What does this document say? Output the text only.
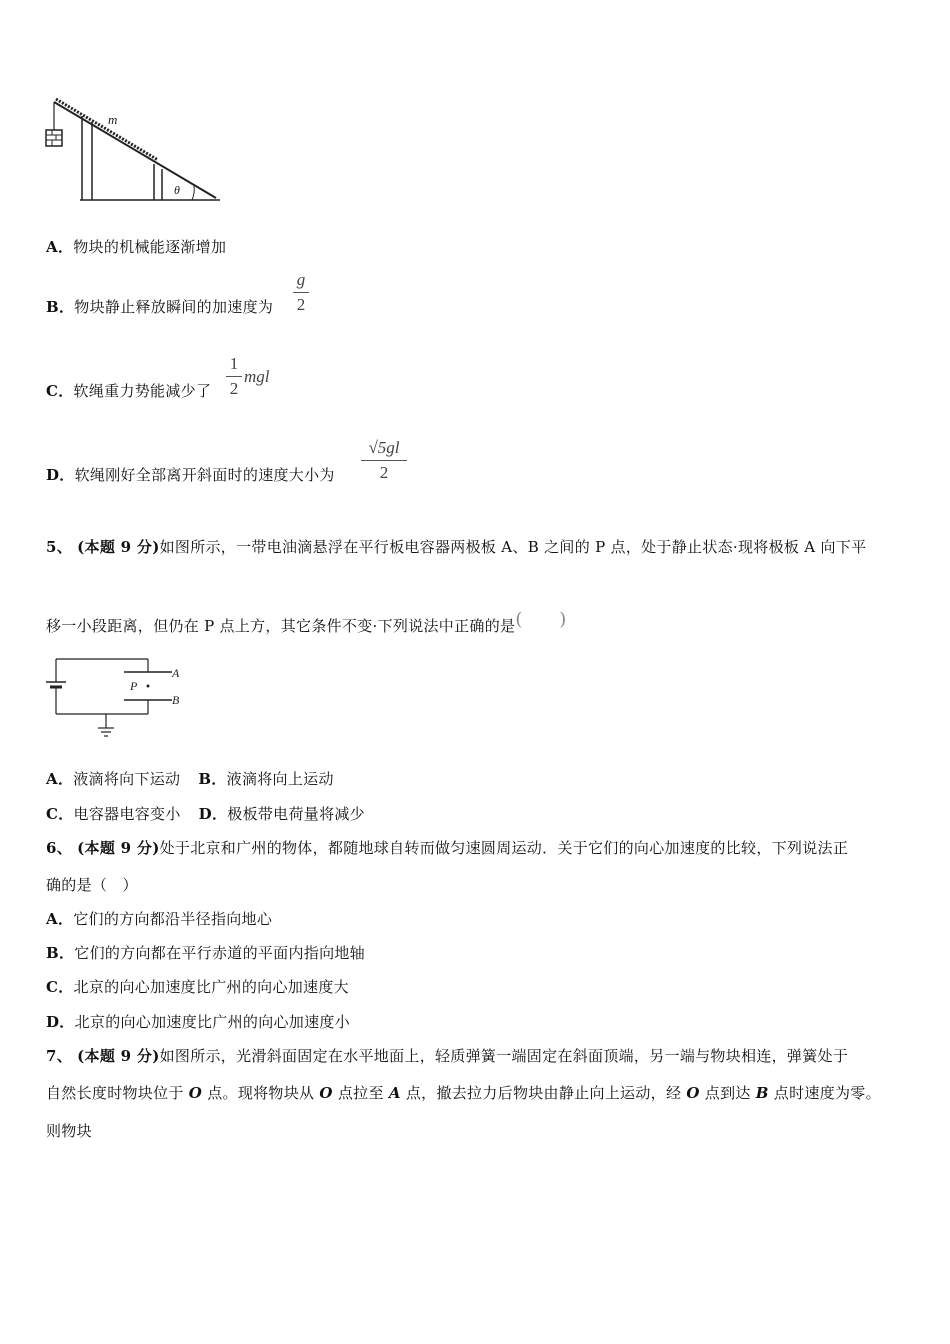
m
θ
A．物块的机械能逐渐增加
B．物块静止释放瞬间的加速度为
g
2
C．软绳重力势能减少了
1
2
mgl
D．软绳刚好全部离开斜面时的速度大小为
√5gl
2
5、 (本题 9 分)如图所示，一带电油滴悬浮在平行板电容器两极板 A、B 之间的 P 点，处于静止状态·现将极板 A 向下平
移一小段距离，但仍在 P 点上方，其它条件不变·下列说法中正确的是(　　)
A
B
P
A．液滴将向下运动 B．液滴将向上运动
C．电容器电容变小 D．极板带电荷量将减少
6、 (本题 9 分)处于北京和广州的物体，都随地球自转而做匀速圆周运动．关于它们的向心加速度的比较，下列说法正
确的是（　）
A．它们的方向都沿半径指向地心
B．它们的方向都在平行赤道的平面内指向地轴
C．北京的向心加速度比广州的向心加速度大
D．北京的向心加速度比广州的向心加速度小
7、 (本题 9 分)如图所示，光滑斜面固定在水平地面上，轻质弹簧一端固定在斜面顶端，另一端与物块相连，弹簧处于
自然长度时物块位于 O 点。现将物块从 O 点拉至 A 点，撤去拉力后物块由静止向上运动，经 O 点到达 B 点时速度为零。
则物块
